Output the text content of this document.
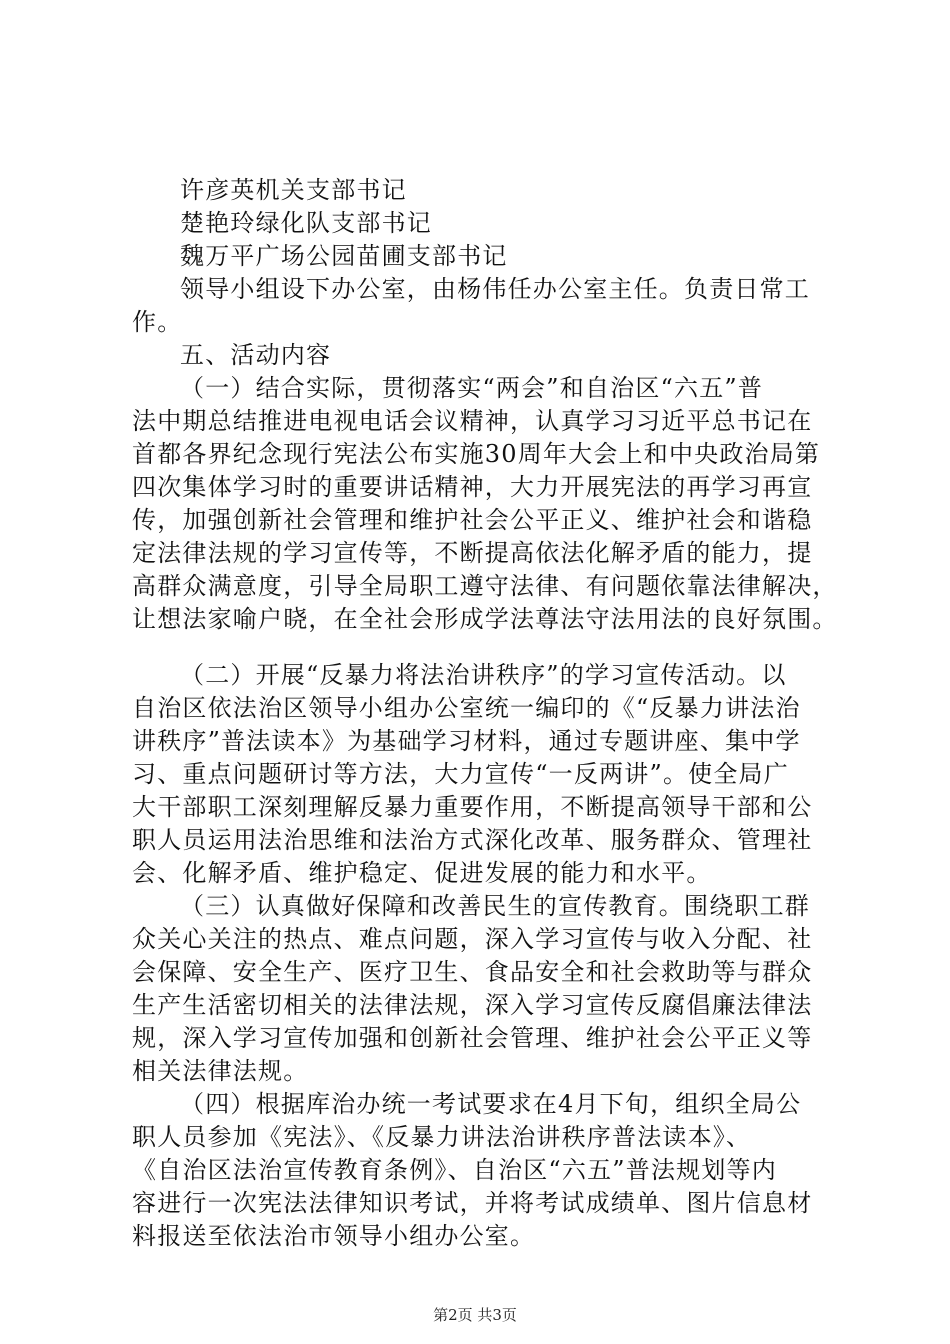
许彦英机关支部书记
楚艳玲绿化队支部书记
魏万平广场公园苗圃支部书记
领导小组设下办公室，由杨伟任办公室主任。负责日常工
作。
五、活动内容
（一）结合实际，贯彻落实“两会”和自治区“六五”普
法中期总结推进电视电话会议精神，认真学习习近平总书记在
首都各界纪念现行宪法公布实施30周年大会上和中央政治局第
四次集体学习时的重要讲话精神，大力开展宪法的再学习再宣
传，加强创新社会管理和维护社会公平正义、维护社会和谐稳
定法律法规的学习宣传等，不断提高依法化解矛盾的能力，提
高群众满意度，引导全局职工遵守法律、有问题依靠法律解决，
让想法家喻户晓，在全社会形成学法尊法守法用法的良好氛围。
（二）开展“反暴力将法治讲秩序”的学习宣传活动。以
自治区依法治区领导小组办公室统一编印的《“反暴力讲法治
讲秩序”普法读本》为基础学习材料，通过专题讲座、集中学
习、重点问题研讨等方法，大力宣传“一反两讲”。使全局广
大干部职工深刻理解反暴力重要作用，不断提高领导干部和公
职人员运用法治思维和法治方式深化改革、服务群众、管理社
会、化解矛盾、维护稳定、促进发展的能力和水平。
（三）认真做好保障和改善民生的宣传教育。围绕职工群
众关心关注的热点、难点问题，深入学习宣传与收入分配、社
会保障、安全生产、医疗卫生、食品安全和社会救助等与群众
生产生活密切相关的法律法规，深入学习宣传反腐倡廉法律法
规，深入学习宣传加强和创新社会管理、维护社会公平正义等
相关法律法规。
（四）根据库治办统一考试要求在4月下旬，组织全局公
职人员参加《宪法》、《反暴力讲法治讲秩序普法读本》、
《自治区法治宣传教育条例》、自治区“六五”普法规划等内
容进行一次宪法法律知识考试，并将考试成绩单、图片信息材
料报送至依法治市领导小组办公室。
第2页 共3页
